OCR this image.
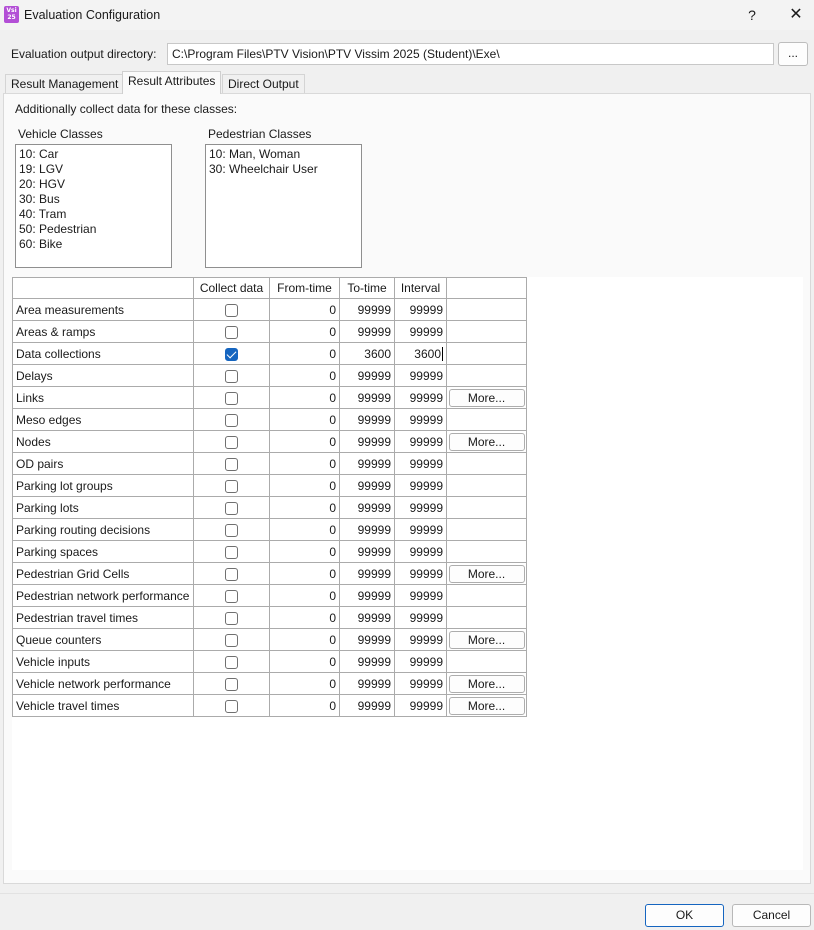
Vsi 25 Evaluation Configuration	?	✕
Evaluation output directory:
C:\Program Files\PTV Vision\PTV Vissim 2025 (Student)\Exe\	...
Result Management Result Attributes	Direct Output
Additionally collect data for these classes:
Vehicle Classes
10: Car
19: LGV
20: HGV
30: Bus
40: Tram
50: Pedestrian
60: Bike
Pedestrian Classes
10: Man, Woman
30: Wheelchair User
	Collect data	From-time	To-time	Interval	
Area measurements		0	99999	99999	
Areas & ramps		0	99999	99999	
Data collections		0	3600	3600	
Delays		0	99999	99999	
Links		0	99999	99999	More...

Meso edges		0	99999	99999	
Nodes		0	99999	99999	More...

OD pairs		0	99999	99999	
Parking lot groups		0	99999	99999	
Parking lots		0	99999	99999	
Parking routing decisions		0	99999	99999	
Parking spaces		0	99999	99999	
Pedestrian Grid Cells		0	99999	99999	More...

Pedestrian network performance		0	99999	99999	
Pedestrian travel times		0	99999	99999	
Queue counters		0	99999	99999	More...

Vehicle inputs		0	99999	99999	
Vehicle network performance		0	99999	99999	More...

Vehicle travel times		0	99999	99999	More...
OK	Cancel
